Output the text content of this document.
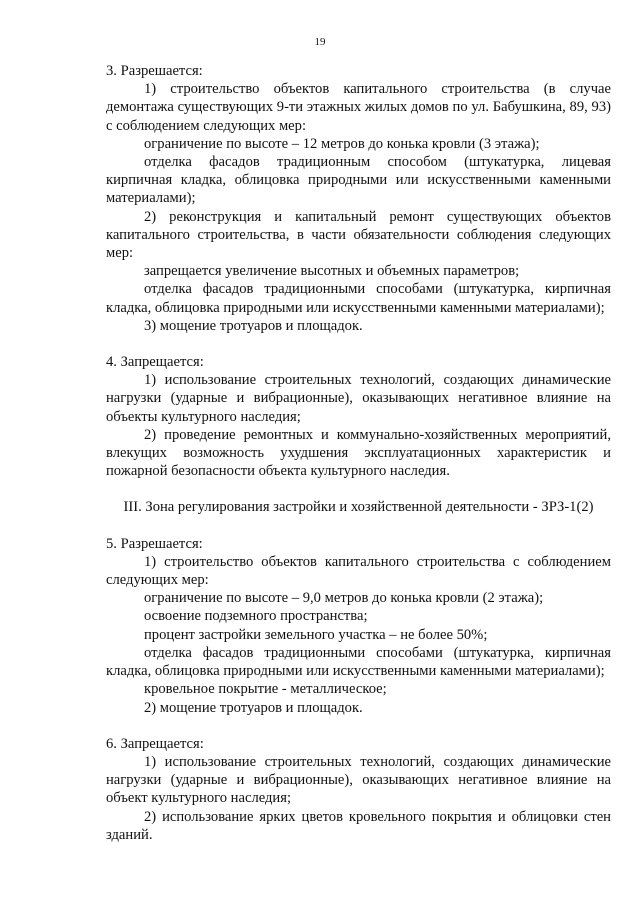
19

3. Разрешается:

1) строительство объектов капитального строительства (в случае демонтажа существующих 9-ти этажных жилых домов по ул. Бабушкина, 89, 93) с соблюдением следующих мер:

ограничение по высоте – 12 метров до конька кровли (3 этажа);

отделка фасадов традиционным способом (штукатурка, лицевая кирпичная кладка, облицовка природными или искусственными каменными материалами);

2) реконструкция и капитальный ремонт существующих объектов капитального строительства, в части обязательности соблюдения следующих мер:

запрещается увеличение высотных и объемных параметров;

отделка фасадов традиционными способами (штукатурка, кирпичная кладка, облицовка природными или искусственными каменными материалами);

3) мощение тротуаров и площадок.

4. Запрещается:

1) использование строительных технологий, создающих динамические нагрузки (ударные и вибрационные), оказывающих негативное влияние на объекты культурного наследия;

2) проведение ремонтных и коммунально-хозяйственных мероприятий, влекущих возможность ухудшения эксплуатационных характеристик и пожарной безопасности объекта культурного наследия.

III. Зона регулирования застройки и хозяйственной деятельности - ЗРЗ-1(2)

5. Разрешается:

1) строительство объектов капитального строительства с соблюдением следующих мер:

ограничение по высоте – 9,0 метров до конька кровли (2 этажа);

освоение подземного пространства;

процент застройки земельного участка – не более 50%;

отделка фасадов традиционными способами (штукатурка, кирпичная кладка, облицовка природными или искусственными каменными материалами);

кровельное покрытие - металлическое;

2) мощение тротуаров и площадок.

6. Запрещается:

1) использование строительных технологий, создающих динамические нагрузки (ударные и вибрационные), оказывающих негативное влияние на объект культурного наследия;

2) использование ярких цветов кровельного покрытия и облицовки стен зданий.
